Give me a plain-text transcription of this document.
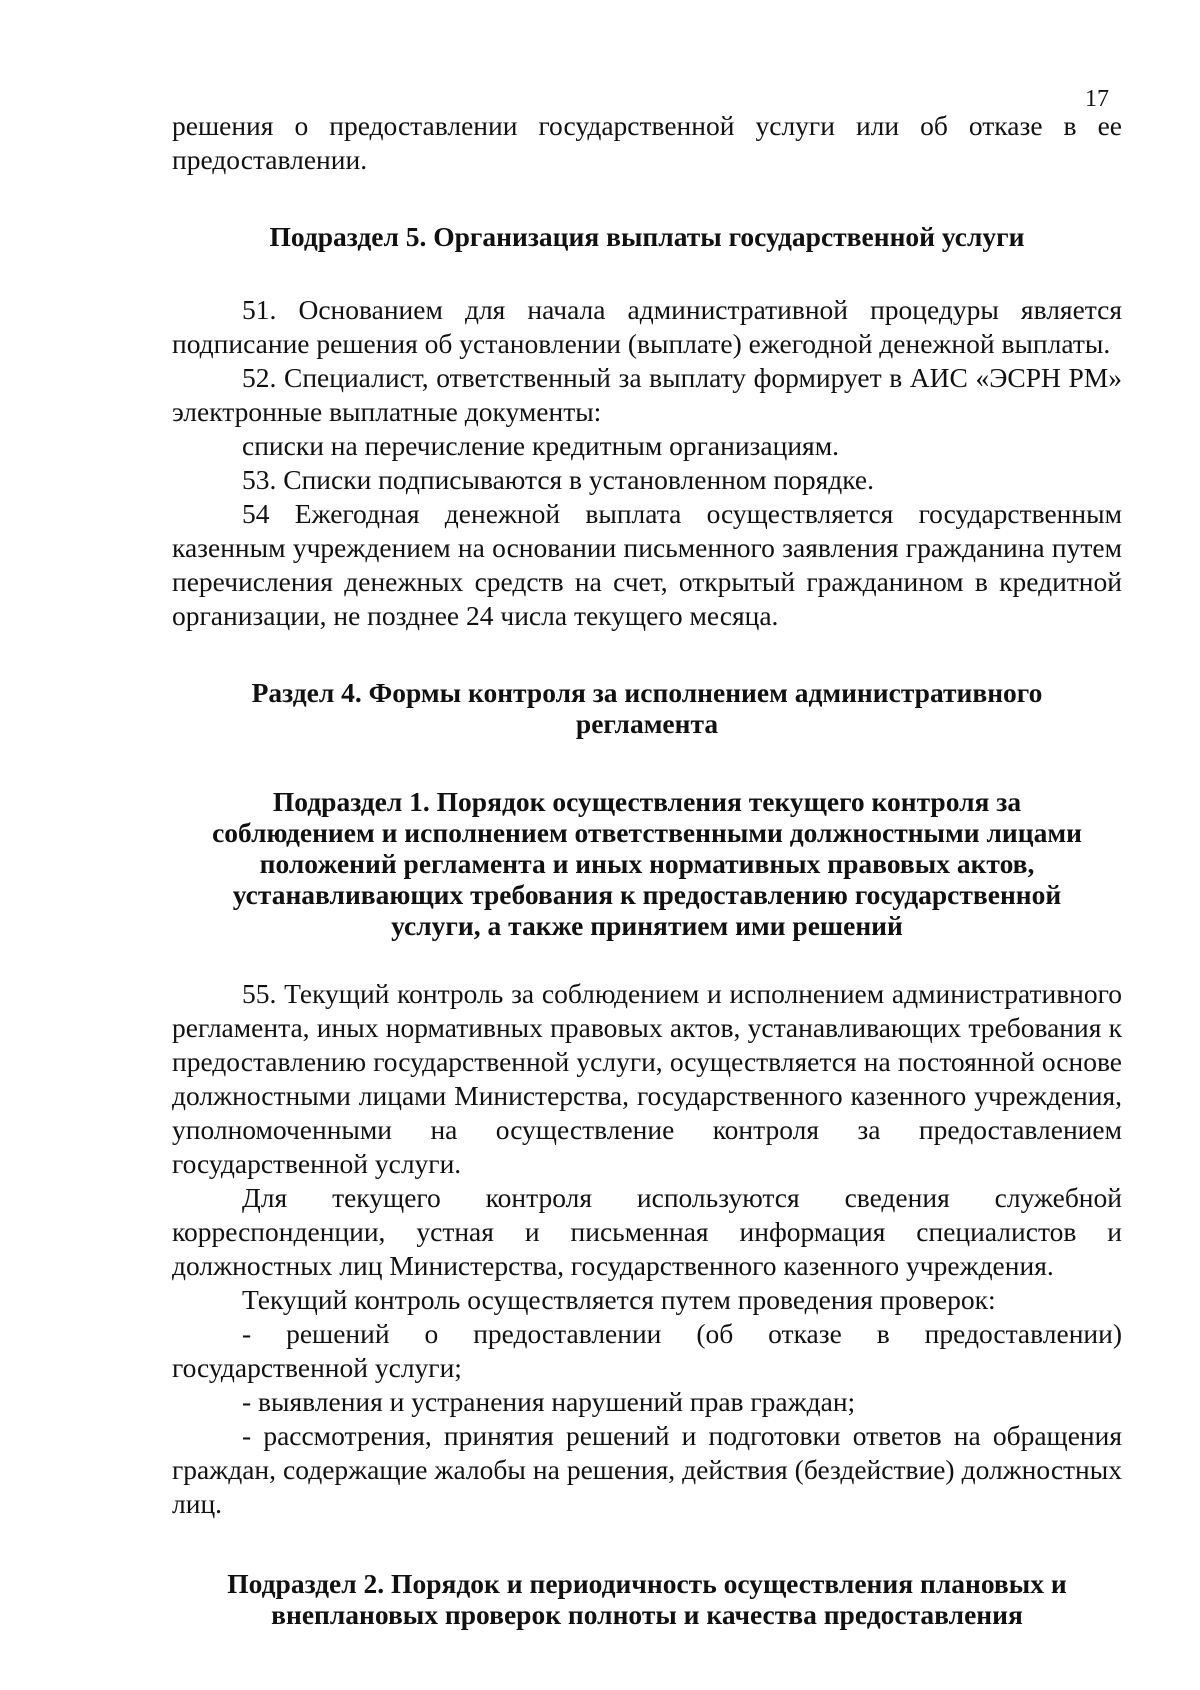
17

решения о предоставлении государственной услуги или об отказе в ее предоставлении.

Подраздел 5. Организация выплаты государственной услуги

51. Основанием для начала административной процедуры является подписание решения об установлении (выплате) ежегодной денежной выплаты.

52. Специалист, ответственный за выплату формирует в АИС «ЭСРН РМ» электронные выплатные документы:

списки на перечисление кредитным организациям.

53. Списки подписываются в установленном порядке.

54 Ежегодная денежной выплата осуществляется государственным казенным учреждением на основании письменного заявления гражданина путем перечисления денежных средств на счет, открытый гражданином в кредитной организации, не позднее 24 числа текущего месяца.

Раздел 4. Формы контроля за исполнением административного
регламента
Подраздел 1. Порядок осуществления текущего контроля за
соблюдением и исполнением ответственными должностными лицами
положений регламента и иных нормативных правовых актов,
устанавливающих требования к предоставлению государственной
услуги, а также принятием ими решений

55. Текущий контроль за соблюдением и исполнением административного регламента, иных нормативных правовых актов, устанавливающих требования к предоставлению государственной услуги, осуществляется на постоянной основе должностными лицами Министерства, государственного казенного учреждения, уполномоченными на осуществление контроля за предоставлением государственной услуги.

Для текущего контроля используются сведения служебной корреспонденции, устная и письменная информация специалистов и должностных лиц Министерства, государственного казенного учреждения.

Текущий контроль осуществляется путем проведения проверок:

- решений о предоставлении (об отказе в предоставлении) государственной услуги;

- выявления и устранения нарушений прав граждан;

- рассмотрения, принятия решений и подготовки ответов на обращения граждан, содержащие жалобы на решения, действия (бездействие) должностных лиц.

Подраздел 2. Порядок и периодичность осуществления плановых и
внеплановых проверок полноты и качества предоставления
